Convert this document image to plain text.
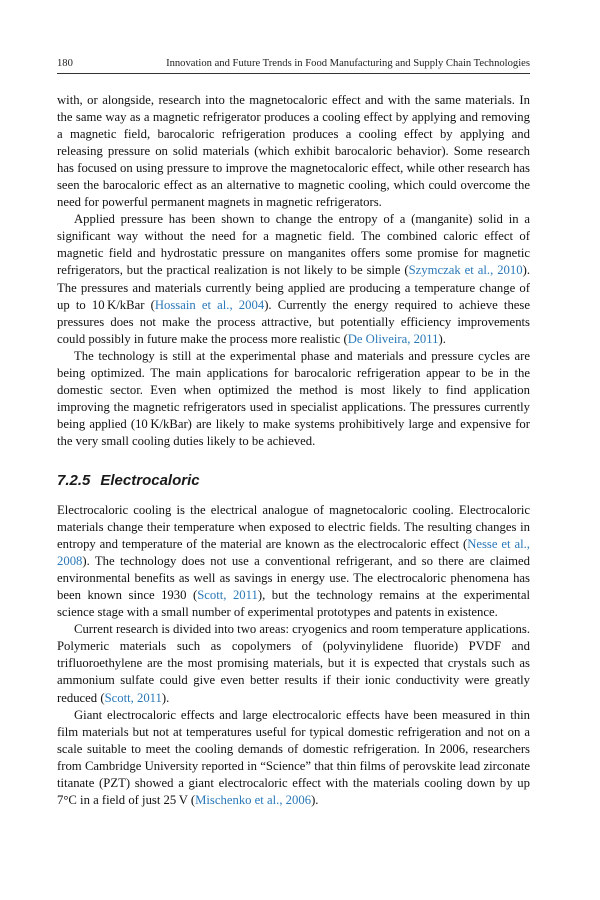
180	Innovation and Future Trends in Food Manufacturing and Supply Chain Technologies

with, or alongside, research into the magnetocaloric effect and with the same materials. In the same way as a magnetic refrigerator produces a cooling effect by applying and removing a magnetic field, barocaloric refrigeration produces a cooling effect by applying and releasing pressure on solid materials (which exhibit barocaloric behavior). Some research has focused on using pressure to improve the magnetocaloric effect, while other research has seen the barocaloric effect as an alternative to magnetic cooling, which could overcome the need for powerful permanent magnets in magnetic refrigerators.

Applied pressure has been shown to change the entropy of a (manganite) solid in a significant way without the need for a magnetic field. The combined caloric effect of magnetic field and hydrostatic pressure on manganites offers some promise for magnetic refrigerators, but the practical realization is not likely to be simple (Szymczak et al., 2010). The pressures and materials currently being applied are producing a temperature change of up to 10 K/kBar (Hossain et al., 2004). Currently the energy required to achieve these pressures does not make the process attractive, but potentially efficiency improvements could possibly in future make the process more realistic (De Oliveira, 2011).

The technology is still at the experimental phase and materials and pressure cycles are being optimized. The main applications for barocaloric refrigeration appear to be in the domestic sector. Even when optimized the method is most likely to find application improving the magnetic refrigerators used in specialist applications. The pressures currently being applied (10 K/kBar) are likely to make systems prohibitively large and expensive for the very small cooling duties likely to be achieved.

7.2.5 Electrocaloric

Electrocaloric cooling is the electrical analogue of magnetocaloric cooling. Electrocaloric materials change their temperature when exposed to electric fields. The resulting changes in entropy and temperature of the material are known as the electrocaloric effect (Nesse et al., 2008). The technology does not use a conventional refrigerant, and so there are claimed environmental benefits as well as savings in energy use. The electrocaloric phenomena has been known since 1930 (Scott, 2011), but the technology remains at the experimental science stage with a small number of experimental prototypes and patents in existence.

Current research is divided into two areas: cryogenics and room temperature applications. Polymeric materials such as copolymers of (polyvinylidene fluoride) PVDF and trifluoroethylene are the most promising materials, but it is expected that crystals such as ammonium sulfate could give even better results if their ionic conductivity were greatly reduced (Scott, 2011).

Giant electrocaloric effects and large electrocaloric effects have been measured in thin film materials but not at temperatures useful for typical domestic refrigeration and not on a scale suitable to meet the cooling demands of domestic refrigeration. In 2006, researchers from Cambridge University reported in “Science” that thin films of perovskite lead zirconate titanate (PZT) showed a giant electrocaloric effect with the materials cooling down by up 7°C in a field of just 25 V (Mischenko et al., 2006).
